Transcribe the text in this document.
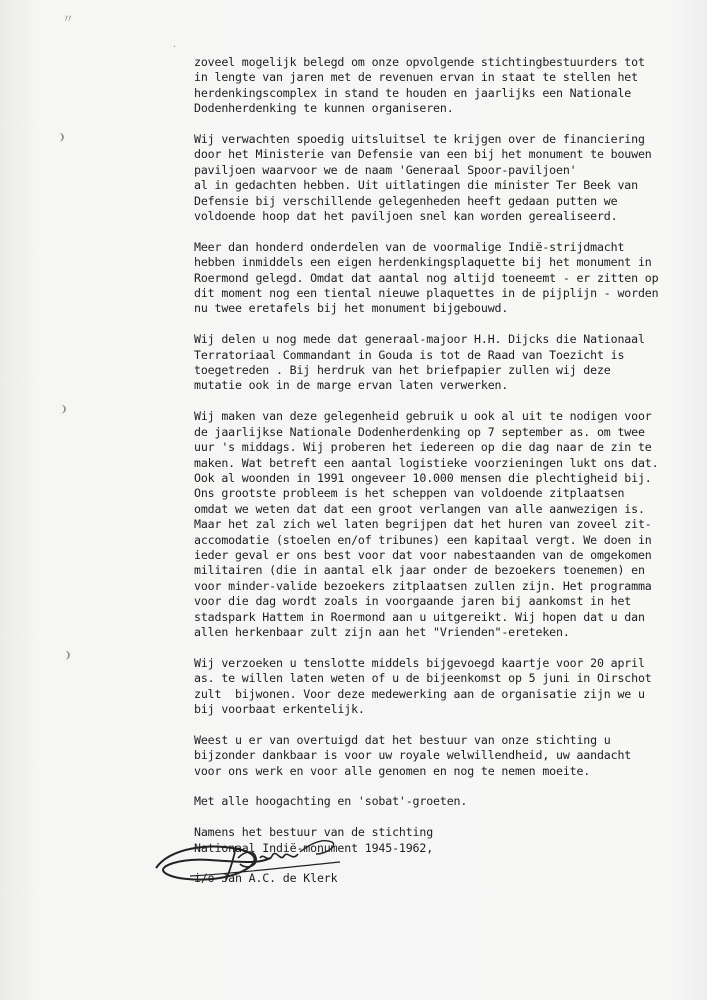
〃
·
❩
❩
❩
zoveel mogelijk belegd om onze opvolgende stichtingbestuurders tot
in lengte van jaren met de revenuen ervan in staat te stellen het
herdenkingscomplex in stand te houden en jaarlijks een Nationale
Dodenherdenking te kunnen organiseren.
Wij verwachten spoedig uitsluitsel te krijgen over de financiering
door het Ministerie van Defensie van een bij het monument te bouwen
paviljoen waarvoor we de naam 'Generaal Spoor-paviljoen'
al in gedachten hebben. Uit uitlatingen die minister Ter Beek van
Defensie bij verschillende gelegenheden heeft gedaan putten we
voldoende hoop dat het paviljoen snel kan worden gerealiseerd.
Meer dan honderd onderdelen van de voormalige Indië-strijdmacht
hebben inmiddels een eigen herdenkingsplaquette bij het monument in
Roermond gelegd. Omdat dat aantal nog altijd toeneemt - er zitten op
dit moment nog een tiental nieuwe plaquettes in de pijplijn - worden
nu twee eretafels bij het monument bijgebouwd.
Wij delen u nog mede dat generaal-majoor H.H. Dijcks die Nationaal
Terratoriaal Commandant in Gouda is tot de Raad van Toezicht is
toegetreden . Bij herdruk van het briefpapier zullen wij deze
mutatie ook in de marge ervan laten verwerken.
Wij maken van deze gelegenheid gebruik u ook al uit te nodigen voor
de jaarlijkse Nationale Dodenherdenking op 7 september as. om twee
uur 's middags. Wij proberen het iedereen op die dag naar de zin te
maken. Wat betreft een aantal logistieke voorzieningen lukt ons dat.
Ook al woonden in 1991 ongeveer 10.000 mensen die plechtigheid bij.
Ons grootste probleem is het scheppen van voldoende zitplaatsen
omdat we weten dat dat een groot verlangen van alle aanwezigen is.
Maar het zal zich wel laten begrijpen dat het huren van zoveel zit-
accomodatie (stoelen en/of tribunes) een kapitaal vergt. We doen in
ieder geval er ons best voor dat voor nabestaanden van de omgekomen
militairen (die in aantal elk jaar onder de bezoekers toenemen) en
voor minder-valide bezoekers zitplaatsen zullen zijn. Het programma
voor die dag wordt zoals in voorgaande jaren bij aankomst in het
stadspark Hattem in Roermond aan u uitgereikt. Wij hopen dat u dan
allen herkenbaar zult zijn aan het "Vrienden"-ereteken.
Wij verzoeken u tenslotte middels bijgevoegd kaartje voor 20 april
as. te willen laten weten of u de bijeenkomst op 5 juni in Oirschot
zult  bijwonen. Voor deze medewerking aan de organisatie zijn we u
bij voorbaat erkentelijk.
Weest u er van overtuigd dat het bestuur van onze stichting u
bijzonder dankbaar is voor uw royale welwillendheid, uw aandacht
voor ons werk en voor alle genomen en nog te nemen moeite.
Met alle hoogachting en 'sobat'-groeten.
Namens het bestuur van de stichting
Nationaal Indië-monument 1945-1962,
i/o Jan A.C. de Klerk
